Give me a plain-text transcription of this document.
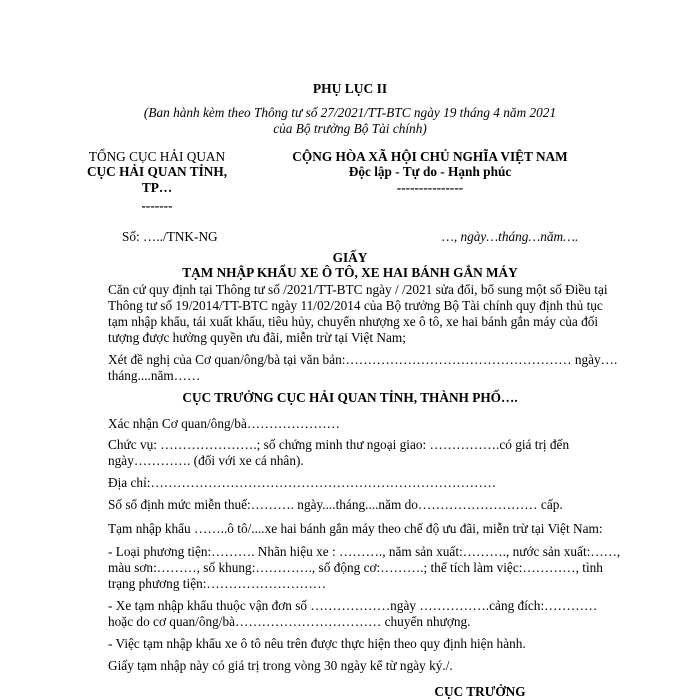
PHỤ LỤC II
(Ban hành kèm theo Thông tư số 27/2021/TT-BTC ngày 19 tháng 4 năm 2021
của Bộ trưởng Bộ Tài chính)
TỔNG CỤC HẢI QUAN
CỤC HẢI QUAN TỈNH,
TP…
-------
CỘNG HÒA XÃ HỘI CHỦ NGHĨA VIỆT NAM
Độc lập - Tự do - Hạnh phúc
---------------
Số: …../TNK-NG	…, ngày…tháng…năm….
GIẤY
TẠM NHẬP KHẨU XE Ô TÔ, XE HAI BÁNH GẮN MÁY
Căn cứ quy định tại Thông tư số /2021/TT-BTC ngày / /2021 sửa đổi, bổ sung một số Điều tại
Thông tư số 19/2014/TT-BTC ngày 11/02/2014 của Bộ trưởng Bộ Tài chính quy định thủ tục
tạm nhập khẩu, tái xuất khẩu, tiêu hủy, chuyển nhượng xe ô tô, xe hai bánh gắn máy của đối
tượng được hưởng quyền ưu đãi, miễn trừ tại Việt Nam;
Xét đề nghị của Cơ quan/ông/bà tại văn bản:…………………………………………… ngày….
tháng....năm……
CỤC TRƯỞNG CỤC HẢI QUAN TỈNH, THÀNH PHỐ….
Xác nhận Cơ quan/ông/bà…………………
Chức vụ: ………………….; số chứng minh thư ngoại giao: …………….có giá trị đến
ngày…………. (đối với xe cá nhân).
Địa chỉ:……………………………………………………………………
Số sổ định mức miễn thuế:………. ngày....tháng....năm do……………………… cấp.
Tạm nhập khẩu ……..ô tô/....xe hai bánh gắn máy theo chế độ ưu đãi, miễn trừ tại Việt Nam:
- Loại phương tiện:………. Nhãn hiệu xe : ………., năm sản xuất:………., nước sản xuất:……,
màu sơn:………, số khung:…………., số động cơ:……….; thể tích làm việc:…………, tình
trạng phương tiện:………………………
- Xe tạm nhập khẩu thuộc vận đơn số ………………ngày …………….cảng đích:…………
hoặc do cơ quan/ông/bà…………………………… chuyển nhượng.
- Việc tạm nhập khẩu xe ô tô nêu trên được thực hiện theo quy định hiện hành.
Giấy tạm nhập này có giá trị trong vòng 30 ngày kể từ ngày ký./.
CỤC TRƯỞNG
